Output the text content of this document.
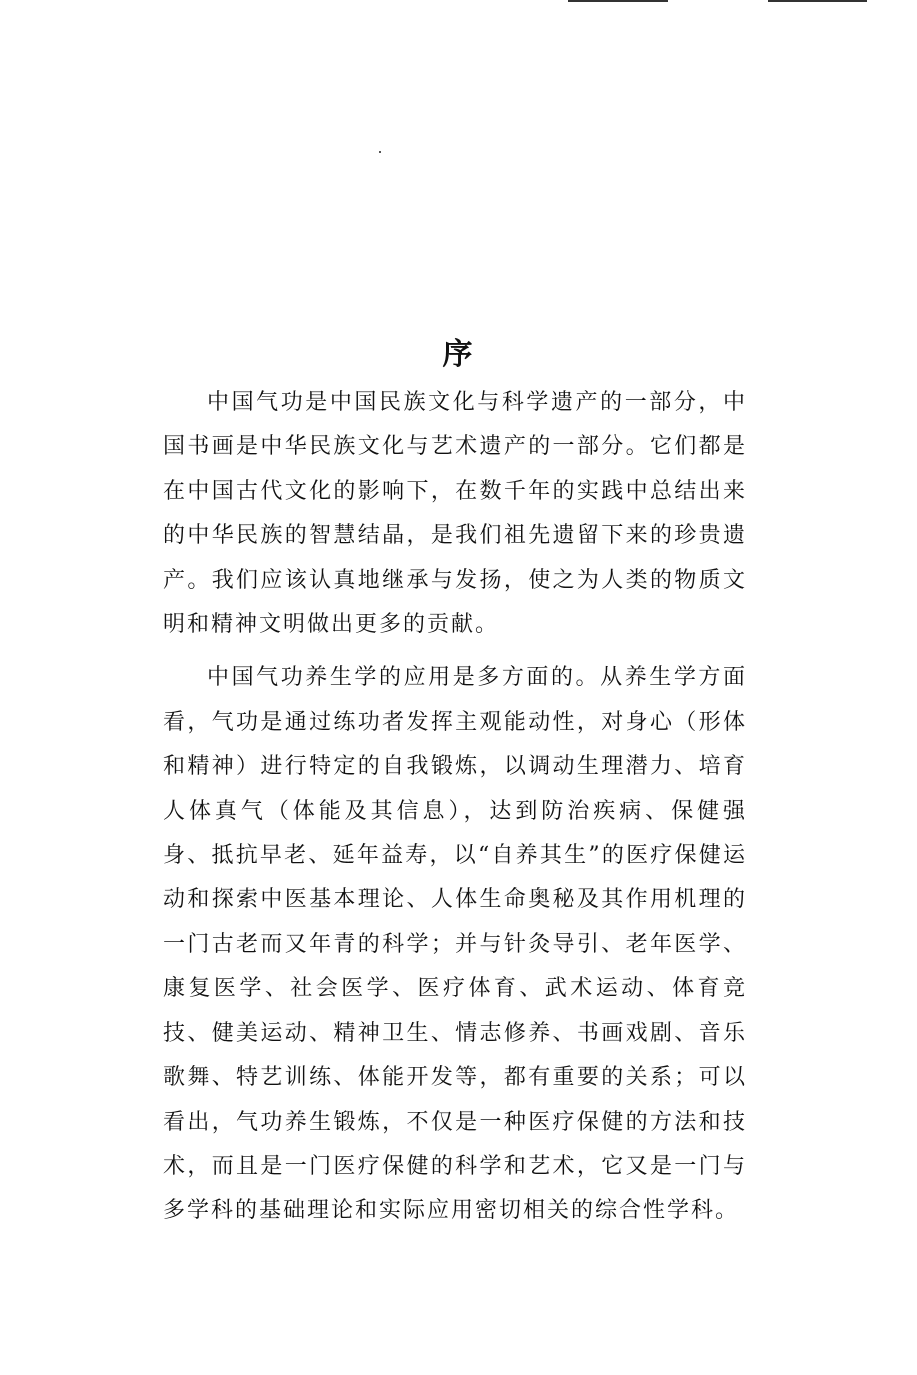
序

中国气功是中国民族文化与科学遗产的一部分，中国书画是中华民族文化与艺术遗产的一部分。它们都是在中国古代文化的影响下，在数千年的实践中总结出来的中华民族的智慧结晶，是我们祖先遗留下来的珍贵遗产。我们应该认真地继承与发扬，使之为人类的物质文明和精神文明做出更多的贡献。

中国气功养生学的应用是多方面的。从养生学方面看，气功是通过练功者发挥主观能动性，对身心（形体和精神）进行特定的自我锻炼，以调动生理潜力、培育人体真气（体能及其信息），达到防治疾病、保健强身、抵抗早老、延年益寿，以“自养其生”的医疗保健运动和探索中医基本理论、人体生命奥秘及其作用机理的一门古老而又年青的科学；并与针灸导引、老年医学、康复医学、社会医学、医疗体育、武术运动、体育竞技、健美运动、精神卫生、情志修养、书画戏剧、音乐歌舞、特艺训练、体能开发等，都有重要的关系；可以看出，气功养生锻炼，不仅是一种医疗保健的方法和技术，而且是一门医疗保健的科学和艺术，它又是一门与多学科的基础理论和实际应用密切相关的综合性学科。
